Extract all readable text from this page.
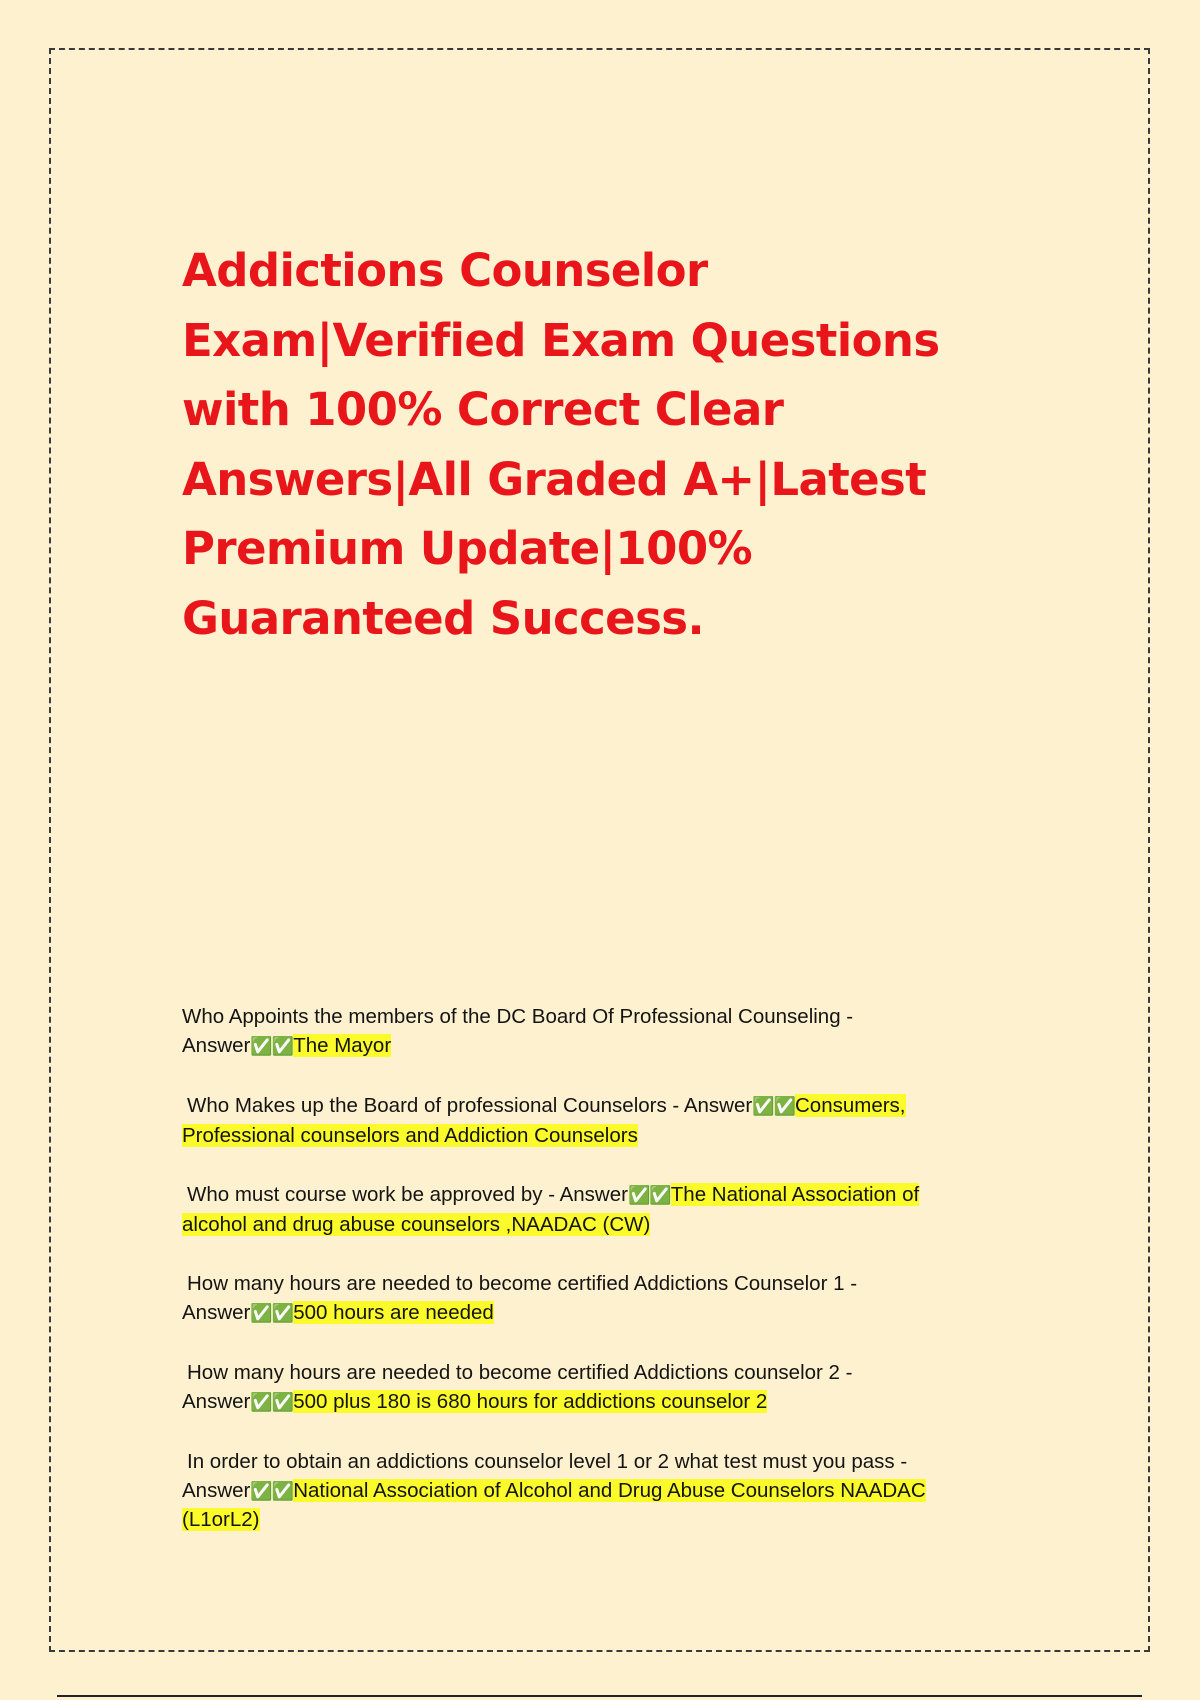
Addictions Counselor
Exam|Verified Exam Questions
with 100% Correct Clear
Answers|All Graded A+|Latest
Premium Update|100%
Guaranteed Success.
Who Appoints the members of the DC Board Of Professional Counseling -
Answer✅✅The Mayor
Who Makes up the Board of professional Counselors - Answer✅✅Consumers,
Professional counselors and Addiction Counselors
Who must course work be approved by - Answer✅✅The National Association of
alcohol and drug abuse counselors ,NAADAC (CW)
How many hours are needed to become certified Addictions Counselor 1 -
Answer✅✅500 hours are needed
How many hours are needed to become certified Addictions counselor 2 -
Answer✅✅500 plus 180 is 680 hours for addictions counselor 2
In order to obtain an addictions counselor level 1 or 2 what test must you pass -
Answer✅✅National Association of Alcohol and Drug Abuse Counselors NAADAC
(L1orL2)
